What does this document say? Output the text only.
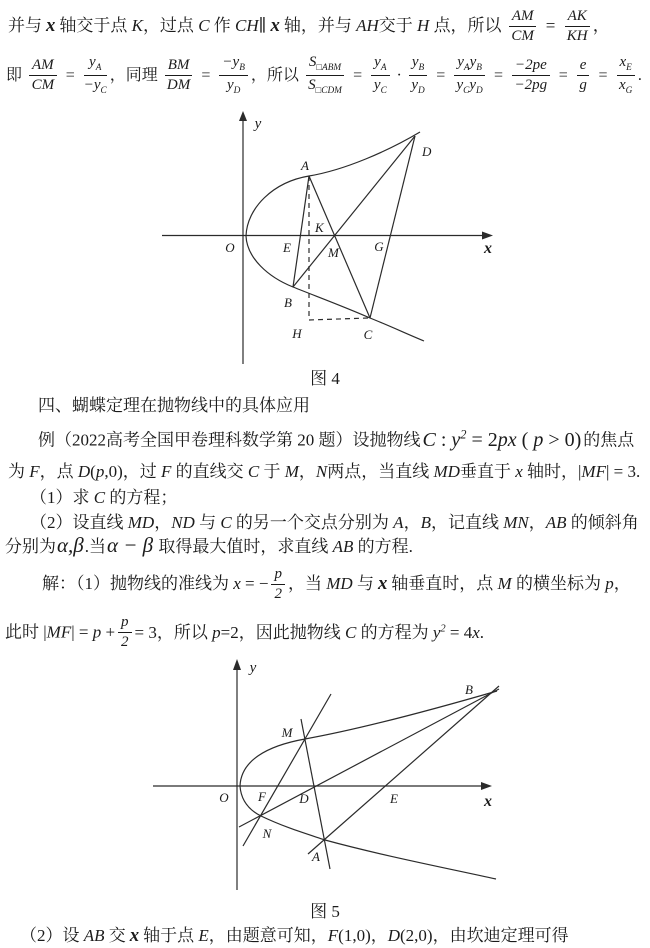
并与 x 轴交于点 K，过点 C 作 CH∥ x 轴，并与 AH交于 H 点，所以 $\frac{AM}{CM} = \frac{AK}{KH}$ ，
即 $\frac{AM}{CM} = \frac{y_A}{-y_C}$ ，同理 $\frac{BM}{DM} = \frac{-y_B}{y_D}$ ，所以 $\frac{S_{□ABM}}{S_{□CDM}} = \frac{y_A}{y_C} \cdot \frac{y_B}{y_D} = \frac{y_Ay_B}{y_Cy_D} = \frac{-2pe}{-2pg} = \frac{e}{g} = \frac{x_E}{x_G}$ .
A
D
K
E	M	G
B
H	C
O	x
y
图 4
四、蝴蝶定理在抛物线中的具体应用
例（2022高考全国甲卷理科数学第 20 题）设抛物线 C : $y^2 = 2px$ ( p > 0) 的焦点
为 F，点 D(p,0)，过 F 的直线交 C 于 M，N两点，当直线 MD垂直于 x 轴时，|MF| = 3.
（1）求 C 的方程；
（2）设直线 MD，ND 与 C 的另一个交点分别为 A，B，记直线 MN，AB 的倾斜角
分别为α,β.当α − β 取得最大值时，求直线 AB 的方程.
解：（1）抛物线的准线为 x = − $\frac{p}{2}$ ，当 MD 与 x 轴垂直时，点 M 的横坐标为 p，
此时 $|MF| = p + \frac{p}{2} = 3$，所以 p=2，因此抛物线 C 的方程为 $y^2 = 4x$.
M
B
N
A
O F	D	E	x
y
图 5
（2）设 AB 交 x 轴于点 E，由题意可知，F(1,0)，D(2,0)，由坎迪定理可得
